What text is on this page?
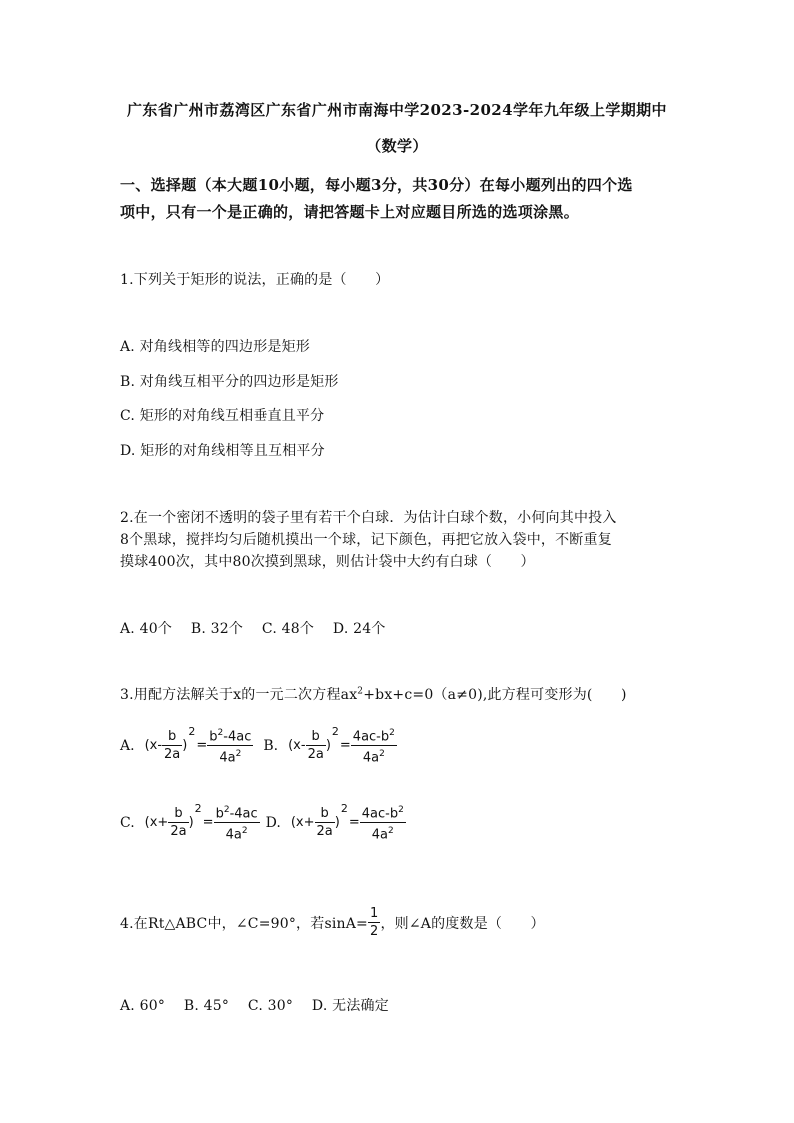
广东省广州市荔湾区广东省广州市南海中学2023-2024学年九年级上学期期中
（数学）
一、选择题（本大题10小题，每小题3分，共30分）在每小题列出的四个选
项中，只有一个是正确的，请把答题卡上对应题目所选的选项涂黑。
1.下列关于矩形的说法，正确的是（　　）
A. 对角线相等的四边形是矩形
B. 对角线互相平分的四边形是矩形
C. 矩形的对角线互相垂直且平分
D. 矩形的对角线相等且互相平分
2.在一个密闭不透明的袋子里有若干个白球．为估计白球个数，小何向其中投入
8个黑球，搅拌均匀后随机摸出一个球，记下颜色，再把它放入袋中，不断重复
摸球400次，其中80次摸到黑球，则估计袋中大约有白球（　　）
A. 40个　 B. 32个　 C. 48个　 D. 24个
3.用配方法解关于x的一元二次方程$ax^2+bx+c=0(a\ne 0)$,此方程可变形为(　　)
A. ($x- \frac{b}{2a}$ )
2
= $\frac{b^2-4ac}{4a^2} B$. ($x- \frac{b}{2a}$ )
2
= $\frac{4ac-b^2}{4a^2}$
C. ($x+ \frac{b}{2a}$ )
2
= $\frac{b^2-4ac}{4a^2} D$. ($x+ \frac{b}{2a}$ )
2
= $\frac{4ac-b^2}{4a^2}$
4.在Rt△ABC中，∠C=90°，若$\sin A= \frac{1}{2}$ ，则∠A的度数是（　　）
A. 60°　 B. 45°　 C. 30°　 D. 无法确定
